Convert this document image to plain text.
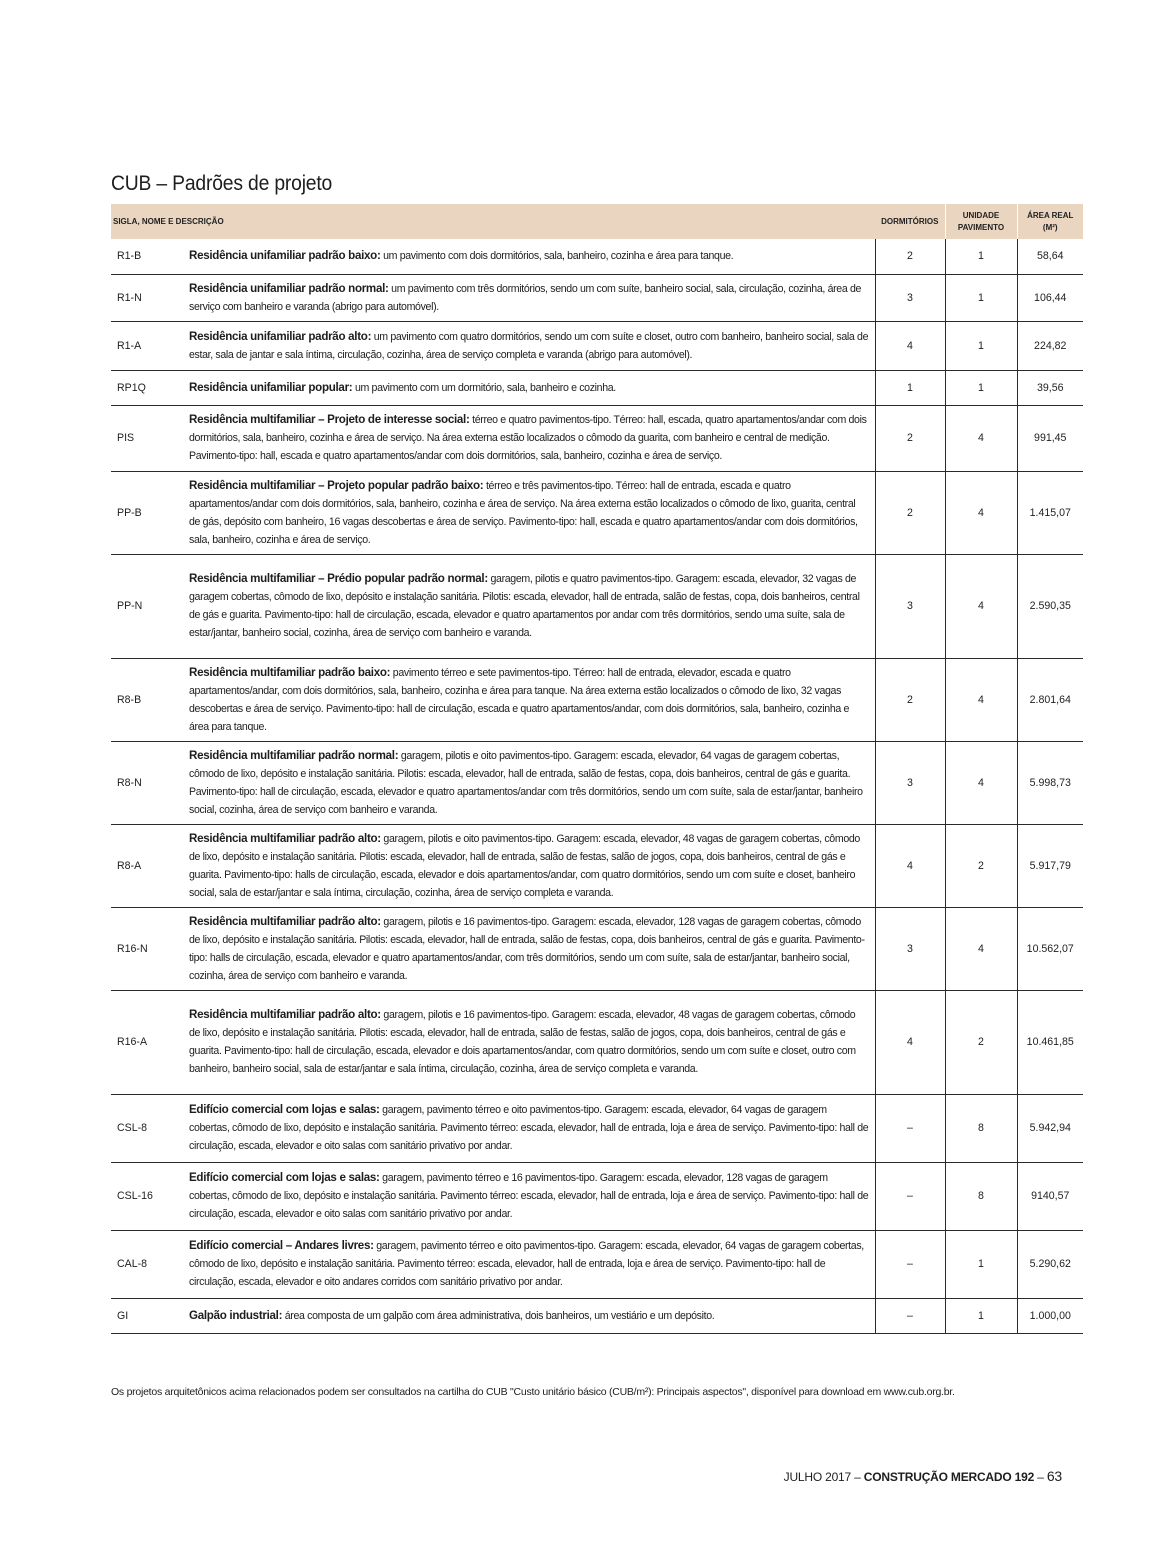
CUB – Padrões de projeto
SIGLA, NOME E DESCRIÇÃO		DORMITÓRIOS	UNIDADE PAVIMENTO	ÁREA REAL (M²)
R1-B	Residência unifamiliar padrão baixo: um pavimento com dois dormitórios, sala, banheiro, cozinha e área para tanque.	2	1	58,64
R1-N	Residência unifamiliar padrão normal: um pavimento com três dormitórios, sendo um com suíte, banheiro social, sala, circulação, cozinha, área de serviço com banheiro e varanda (abrigo para automóvel).	3	1	106,44
R1-A	Residência unifamiliar padrão alto: um pavimento com quatro dormitórios, sendo um com suíte e closet, outro com banheiro, banheiro social, sala de estar, sala de jantar e sala íntima, circulação, cozinha, área de serviço completa e varanda (abrigo para automóvel).	4	1	224,82
RP1Q	Residência unifamiliar popular: um pavimento com um dormitório, sala, banheiro e cozinha.	1	1	39,56
PIS	Residência multifamiliar – Projeto de interesse social: térreo e quatro pavimentos-tipo. Térreo: hall, escada, quatro apartamentos/andar com dois dormitórios, sala, banheiro, cozinha e área de serviço. Na área externa estão localizados o cômodo da guarita, com banheiro e central de medição. Pavimento-tipo: hall, escada e quatro apartamentos/andar com dois dormitórios, sala, banheiro, cozinha e área de serviço.	2	4	991,45
PP-B	Residência multifamiliar – Projeto popular padrão baixo: térreo e três pavimentos-tipo. Térreo: hall de entrada, escada e quatro apartamentos/andar com dois dormitórios, sala, banheiro, cozinha e área de serviço. Na área externa estão localizados o cômodo de lixo, guarita, central de gás, depósito com banheiro, 16 vagas descobertas e área de serviço. Pavimento-tipo: hall, escada e quatro apartamentos/andar com dois dormitórios, sala, banheiro, cozinha e área de serviço.	2	4	1.415,07
PP-N	Residência multifamiliar – Prédio popular padrão normal: garagem, pilotis e quatro pavimentos-tipo. Garagem: escada, elevador, 32 vagas de garagem cobertas, cômodo de lixo, depósito e instalação sanitária. Pilotis: escada, elevador, hall de entrada, salão de festas, copa, dois banheiros, central de gás e guarita. Pavimento-tipo: hall de circulação, escada, elevador e quatro apartamentos por andar com três dormitórios, sendo uma suíte, sala de estar/jantar, banheiro social, cozinha, área de serviço com banheiro e varanda.	3	4	2.590,35
R8-B	Residência multifamiliar padrão baixo: pavimento térreo e sete pavimentos-tipo. Térreo: hall de entrada, elevador, escada e quatro apartamentos/andar, com dois dormitórios, sala, banheiro, cozinha e área para tanque. Na área externa estão localizados o cômodo de lixo, 32 vagas descobertas e área de serviço. Pavimento-tipo: hall de circulação, escada e quatro apartamentos/andar, com dois dormitórios, sala, banheiro, cozinha e área para tanque.	2	4	2.801,64
R8-N	Residência multifamiliar padrão normal: garagem, pilotis e oito pavimentos-tipo. Garagem: escada, elevador, 64 vagas de garagem cobertas, cômodo de lixo, depósito e instalação sanitária. Pilotis: escada, elevador, hall de entrada, salão de festas, copa, dois banheiros, central de gás e guarita. Pavimento-tipo: hall de circulação, escada, elevador e quatro apartamentos/andar com três dormitórios, sendo um com suíte, sala de estar/jantar, banheiro social, cozinha, área de serviço com banheiro e varanda.	3	4	5.998,73
R8-A	Residência multifamiliar padrão alto: garagem, pilotis e oito pavimentos-tipo. Garagem: escada, elevador, 48 vagas de garagem cobertas, cômodo de lixo, depósito e instalação sanitária. Pilotis: escada, elevador, hall de entrada, salão de festas, salão de jogos, copa, dois banheiros, central de gás e guarita. Pavimento-tipo: halls de circulação, escada, elevador e dois apartamentos/andar, com quatro dormitórios, sendo um com suíte e closet, banheiro social, sala de estar/jantar e sala íntima, circulação, cozinha, área de serviço completa e varanda.	4	2	5.917,79
R16-N	Residência multifamiliar padrão alto: garagem, pilotis e 16 pavimentos-tipo. Garagem: escada, elevador, 128 vagas de garagem cobertas, cômodo de lixo, depósito e instalação sanitária. Pilotis: escada, elevador, hall de entrada, salão de festas, copa, dois banheiros, central de gás e guarita. Pavimento-tipo: halls de circulação, escada, elevador e quatro apartamentos/andar, com três dormitórios, sendo um com suíte, sala de estar/jantar, banheiro social, cozinha, área de serviço com banheiro e varanda.	3	4	10.562,07
R16-A	Residência multifamiliar padrão alto: garagem, pilotis e 16 pavimentos-tipo. Garagem: escada, elevador, 48 vagas de garagem cobertas, cômodo de lixo, depósito e instalação sanitária. Pilotis: escada, elevador, hall de entrada, salão de festas, salão de jogos, copa, dois banheiros, central de gás e guarita. Pavimento-tipo: hall de circulação, escada, elevador e dois apartamentos/andar, com quatro dormitórios, sendo um com suíte e closet, outro com banheiro, banheiro social, sala de estar/jantar e sala íntima, circulação, cozinha, área de serviço completa e varanda.	4	2	10.461,85
CSL-8	Edifício comercial com lojas e salas: garagem, pavimento térreo e oito pavimentos-tipo. Garagem: escada, elevador, 64 vagas de garagem cobertas, cômodo de lixo, depósito e instalação sanitária. Pavimento térreo: escada, elevador, hall de entrada, loja e área de serviço. Pavimento-tipo: hall de circulação, escada, elevador e oito salas com sanitário privativo por andar.	–	8	5.942,94
CSL-16	Edifício comercial com lojas e salas: garagem, pavimento térreo e 16 pavimentos-tipo. Garagem: escada, elevador, 128 vagas de garagem cobertas, cômodo de lixo, depósito e instalação sanitária. Pavimento térreo: escada, elevador, hall de entrada, loja e área de serviço. Pavimento-tipo: hall de circulação, escada, elevador e oito salas com sanitário privativo por andar.	–	8	9140,57
CAL-8	Edifício comercial – Andares livres: garagem, pavimento térreo e oito pavimentos-tipo. Garagem: escada, elevador, 64 vagas de garagem cobertas, cômodo de lixo, depósito e instalação sanitária. Pavimento térreo: escada, elevador, hall de entrada, loja e área de serviço. Pavimento-tipo: hall de circulação, escada, elevador e oito andares corridos com sanitário privativo por andar.	–	1	5.290,62
GI	Galpão industrial: área composta de um galpão com área administrativa, dois banheiros, um vestiário e um depósito.	–	1	1.000,00
Os projetos arquitetônicos acima relacionados podem ser consultados na cartilha do CUB "Custo unitário básico (CUB/m²): Principais aspectos", disponível para download em www.cub.org.br.
JULHO 2017 – CONSTRUÇÃO MERCADO 192 – 63
